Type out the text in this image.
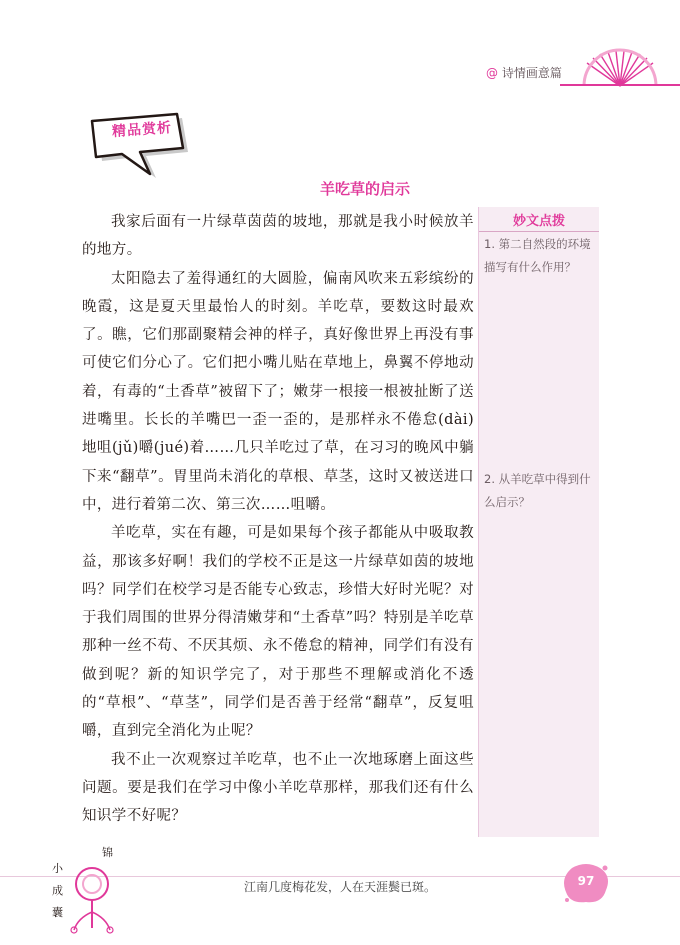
@ 诗情画意篇
精品赏析
羊吃草的启示

我家后面有一片绿草茵茵的坡地，那就是我小时候放羊的地方。

太阳隐去了羞得通红的大圆脸，偏南风吹来五彩缤纷的晚霞，这是夏天里最怡人的时刻。羊吃草，要数这时最欢了。瞧，它们那副聚精会神的样子，真好像世界上再没有事可使它们分心了。它们把小嘴儿贴在草地上，鼻翼不停地动着，有毒的“土香草”被留下了；嫩芽一根接一根被扯断了送进嘴里。长长的羊嘴巴一歪一歪的，是那样永不倦怠(dài)地咀(jǔ)嚼(jué)着……几只羊吃过了草，在习习的晚风中躺下来“翻草”。胃里尚未消化的草根、草茎，这时又被送进口中，进行着第二次、第三次……咀嚼。

羊吃草，实在有趣，可是如果每个孩子都能从中吸取教益，那该多好啊！我们的学校不正是这一片绿草如茵的坡地吗？同学们在校学习是否能专心致志，珍惜大好时光呢？对于我们周围的世界分得清嫩芽和“土香草”吗？特别是羊吃草那种一丝不苟、不厌其烦、永不倦怠的精神，同学们有没有做到呢？新的知识学完了，对于那些不理解或消化不透的“草根”、“草茎”，同学们是否善于经常“翻草”，反复咀嚼，直到完全消化为止呢？

我不止一次观察过羊吃草，也不止一次地琢磨上面这些问题。要是我们在学习中像小羊吃草那样，那我们还有什么知识学不好呢？

妙文点拨

1. 第二自然段的环境描写有什么作用？

2. 从羊吃草中得到什么启示？

小
锦
成
囊
江南几度梅花发，人在天涯鬓已斑。	97
